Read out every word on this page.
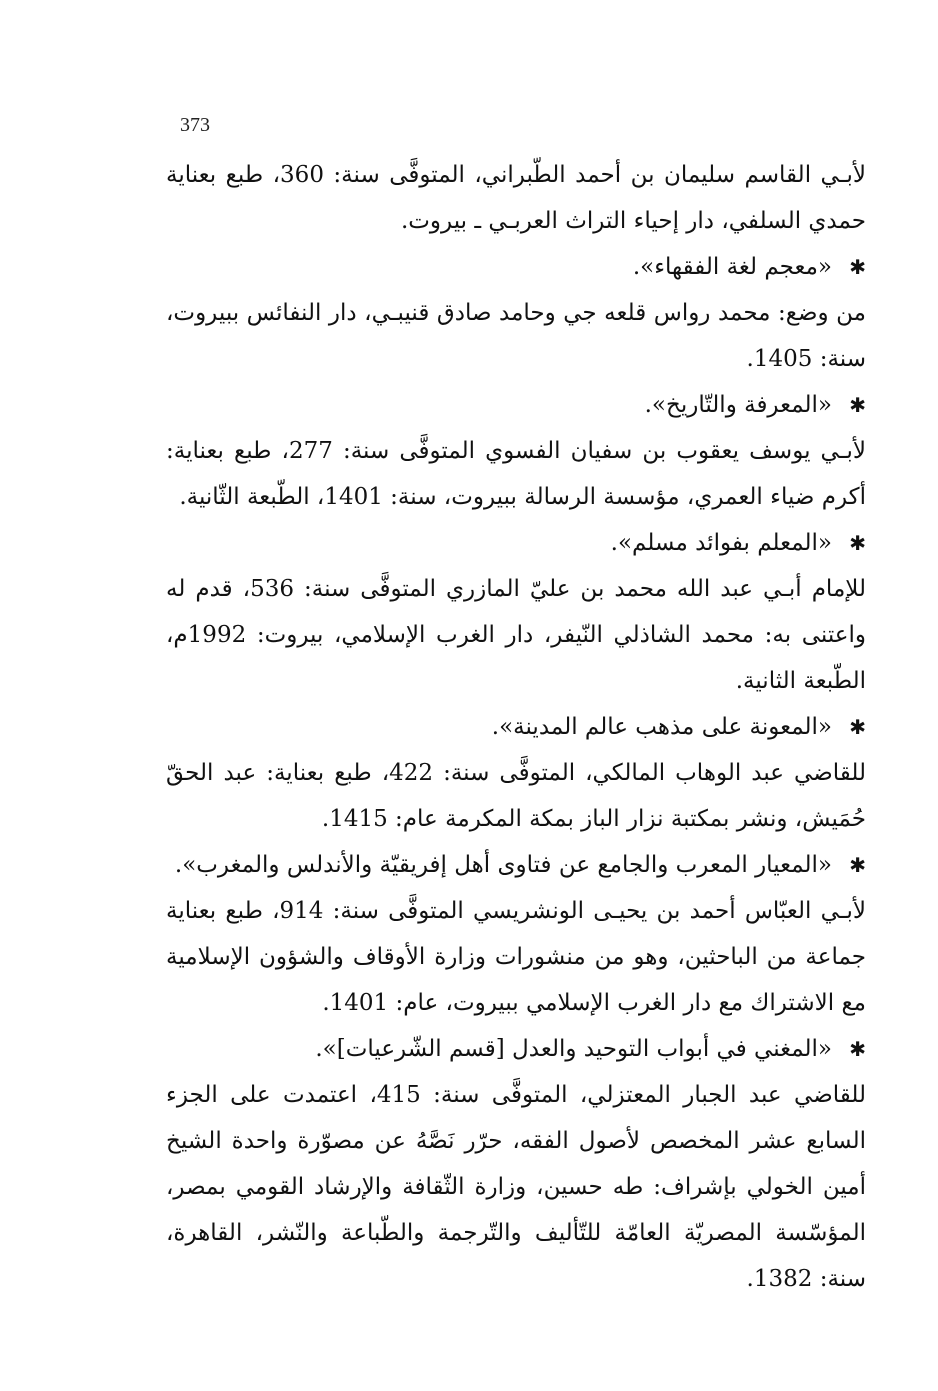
373
لأبـي القاسم سليمان بن أحمد الطّبراني، المتوفَّى سنة: 360، طبع بعناية حمدي السلفي، دار إحياء التراث العربـي ـ بيروت.
✱
«معجم لغة الفقهاء».
من وضع: محمد رواس قلعه جي وحامد صادق قنيبـي، دار النفائس ببيروت، سنة: 1405.
✱
«المعرفة والتّاريخ».
لأبـي يوسف يعقوب بن سفيان الفسوي المتوفَّى سنة: 277، طبع بعناية: أكرم ضياء العمري، مؤسسة الرسالة ببيروت، سنة: 1401، الطّبعة الثّانية.
✱
«المعلم بفوائد مسلم».
للإمام أبـي عبد الله محمد بن عليّ المازري المتوفَّى سنة: 536، قدم له واعتنى به: محمد الشاذلي النّيفر، دار الغرب الإسلامي، بيروت: 1992م، الطّبعة الثانية.
✱
«المعونة على مذهب عالم المدينة».
للقاضي عبد الوهاب المالكي، المتوفَّى سنة: 422، طبع بعناية: عبد الحقّ حُمَيش، ونشر بمكتبة نزار الباز بمكة المكرمة عام: 1415.
✱
«المعيار المعرب والجامع عن فتاوى أهل إفريقيّة والأندلس والمغرب».
لأبـي العبّاس أحمد بن يحيـى الونشريسي المتوفَّى سنة: 914، طبع بعناية جماعة من الباحثين، وهو من منشورات وزارة الأوقاف والشؤون الإسلامية مع الاشتراك مع دار الغرب الإسلامي ببيروت، عام: 1401.
✱
«المغني في أبواب التوحيد والعدل [قسم الشّرعيات]».
للقاضي عبد الجبار المعتزلي، المتوفَّى سنة: 415، اعتمدت على الجزء السابع عشر المخصص لأصول الفقه، حرّر نَصَّهُ عن مصوّرة واحدة الشيخ أمين الخولي بإشراف: طه حسين، وزارة الثّقافة والإرشاد القومي بمصر، المؤسّسة المصريّة العامّة للتّأليف والتّرجمة والطّباعة والنّشر، القاهرة، سنة: 1382.
